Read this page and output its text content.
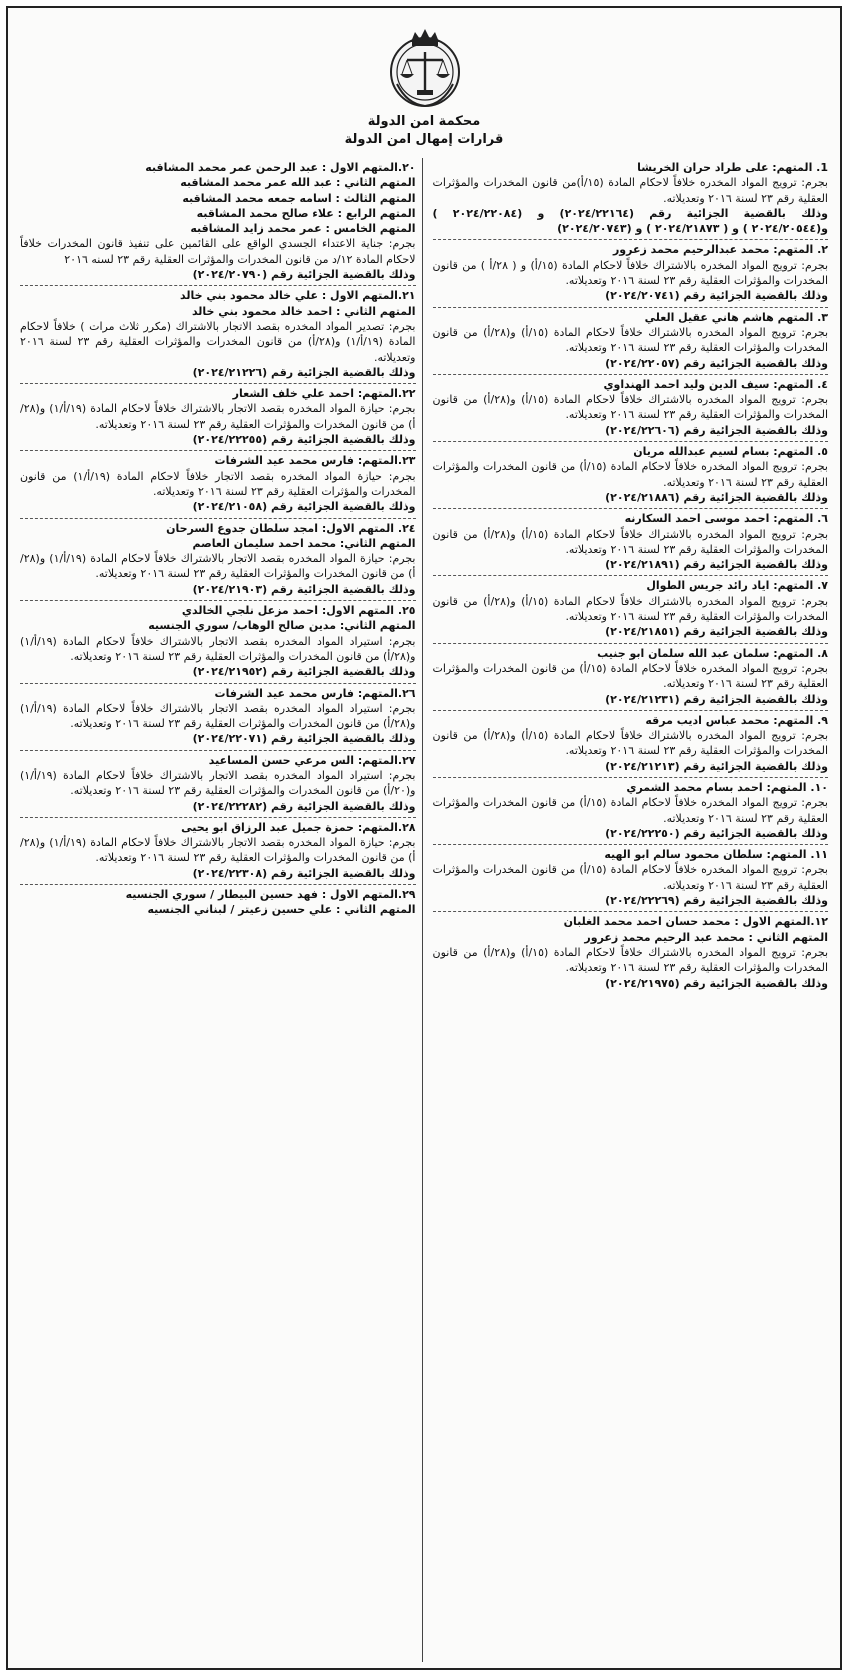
محكمة امن الدولة
قرارات إمهال امن الدولة

1. المتهم: على طراد حران الخريشا

بجرم: ترويج المواد المخدره خلافاً لاحكام المادة (١٥/أ)من قانون المخدرات والمؤثرات العقلية رقم ٢٣ لسنة ٢٠١٦ وتعديلاته.

وذلك بالقضية الجزائية رقم (٢٠٢٤/٢٢١٦٤) و (٢٠٢٤/٢٢٠٨٤ ) و(٢٠٢٤/٢٠٥٤٤ ) و ( ٢٠٢٤/٢١٨٧٣ ) و (٢٠٢٤/٢٠٧٤٣)

٢. المتهم: محمد عبدالرحيم محمد زعرور

بجرم: ترويج المواد المخدره بالاشتراك خلافاً لاحكام المادة (١٥/أ) و ( ٢٨/أ ) من قانون المخدرات والمؤثرات العقلية رقم ٢٣ لسنة ٢٠١٦ وتعديلاته.

وذلك بالقضية الجزائية رقم (٢٠٢٤/٢٠٧٤١)

٣. المتهم هاشم هاني عقيل العلي

بجرم: ترويج المواد المخدره بالاشتراك خلافاً لاحكام المادة (١٥/أ) و(٢٨/أ) من قانون المخدرات والمؤثرات العقلية رقم ٢٣ لسنة ٢٠١٦ وتعديلاته.

وذلك بالقضية الجزائية رقم (٢٠٢٤/٢٢٠٥٧)

٤. المتهم: سيف الدين وليد احمد الهنداوي

بجرم: ترويج المواد المخدره بالاشتراك خلافاً لاحكام المادة (١٥/أ) و(٢٨/أ) من قانون المخدرات والمؤثرات العقلية رقم ٢٣ لسنة ٢٠١٦ وتعديلاته.

وذلك بالقضية الجزائية رقم (٢٠٢٤/٢٢٦٠٦)

٥. المتهم: بسام لسيم عبدالله مريان

بجرم: ترويج المواد المخدره خلافاً لاحكام المادة (١٥/أ) من قانون المخدرات والمؤثرات العقلية رقم ٢٣ لسنة ٢٠١٦ وتعديلاته.

وذلك بالقضية الجزائية رقم (٢٠٢٤/٢١٨٨٦)

٦. المتهم: احمد موسى احمد السكارنه

بجرم: ترويج المواد المخدره بالاشتراك خلافاً لاحكام المادة (١٥/أ) و(٢٨/أ) من قانون المخدرات والمؤثرات العقلية رقم ٢٣ لسنة ٢٠١٦ وتعديلاته.

وذلك بالقضية الجزائية رقم (٢٠٢٤/٢١٨٩١)

٧. المتهم: اياد رائد جريس الطوال

بجرم: ترويج المواد المخدره بالاشتراك خلافاً لاحكام المادة (١٥/أ) و(٢٨/أ) من قانون المخدرات والمؤثرات العقلية رقم ٢٣ لسنة ٢٠١٦ وتعديلاته.

وذلك بالقضية الجزائية رقم (٢٠٢٤/٢١٨٥١)

٨. المتهم: سلمان عبد الله سلمان ابو جنيب

بجرم: ترويج المواد المخدره خلافاً لاحكام المادة (١٥/أ) من قانون المخدرات والمؤثرات العقلية رقم ٢٣ لسنة ٢٠١٦ وتعديلاته.

وذلك بالقضية الجزائية رقم (٢٠٢٤/٢١٢٣١)

٩. المتهم: محمد عباس اديب مرقه

بجرم: ترويج المواد المخدره بالاشتراك خلافاً لاحكام المادة (١٥/أ) و(٢٨/أ) من قانون المخدرات والمؤثرات العقلية رقم ٢٣ لسنة ٢٠١٦ وتعديلاته.

وذلك بالقضية الجزائية رقم (٢٠٢٤/٢١٢١٣)

١٠. المتهم: احمد بسام محمد الشمري

بجرم: ترويج المواد المخدره خلافاً لاحكام المادة (١٥/أ) من قانون المخدرات والمؤثرات العقلية رقم ٢٣ لسنة ٢٠١٦ وتعديلاته.

وذلك بالقضية الجزائية رقم (٢٠٢٤/٢٢٢٥٠)

١١. المتهم: سلطان محمود سالم ابو الهيه

بجرم: ترويج المواد المخدره خلافاً لاحكام المادة (١٥/أ) من قانون المخدرات والمؤثرات العقلية رقم ٢٣ لسنة ٢٠١٦ وتعديلاته.

وذلك بالقضية الجزائية رقم (٢٠٢٤/٢٢٢٦٩)

١٢.المتهم الاول : محمد حسان احمد محمد الغلبان

المتهم الثاني : محمد عبد الرحيم محمد زعرور

بجرم: ترويج المواد المخدره بالاشتراك خلافاً لاحكام المادة (١٥/أ) و(٢٨/أ) من قانون المخدرات والمؤثرات العقلية رقم ٢٣ لسنة ٢٠١٦ وتعديلاته.

وذلك بالقضية الجزائية رقم (٢٠٢٤/٢١٩٧٥)

٢٠.المتهم الاول : عبد الرحمن عمر محمد المشاقبه

المتهم الثاني : عبد الله عمر محمد المشاقبه

المتهم الثالث : اسامه جمعه محمد المشاقبه

المتهم الرابع : علاء صالح محمد المشاقبه

المتهم الخامس : عمر محمد زايد المشاقبه

بجرم: جناية الاعتداء الجسدي الواقع على القائمين على تنفيذ قانون المخدرات خلافاً لاحكام المادة ١٢/د من قانون المخدرات والمؤثرات العقلية رقم ٢٣ لسنه ٢٠١٦

وذلك بالقضية الجزائية رقم (٢٠٢٤/٢٠٧٩٠)

٢١.المتهم الاول : علي خالد محمود بني خالد

المتهم الثاني : احمد خالد محمود بني خالد

بجرم: تصدير المواد المخدره بقصد الاتجار بالاشتراك (مكرر ثلاث مرات ) خلافاً لاحكام المادة (١٩/أ/١) و(٢٨/أ) من قانون المخدرات والمؤثرات العقلية رقم ٢٣ لسنة ٢٠١٦ وتعديلاته.

وذلك بالقضية الجزائية رقم (٢٠٢٤/٢١٢٢٦)

٢٢.المتهم: احمد علي خلف الشعار

بجرم: حيازة المواد المخدره بقصد الاتجار بالاشتراك خلافاً لاحكام المادة (١٩/أ/١) و(٢٨/أ) من قانون المخدرات والمؤثرات العقلية رقم ٢٣ لسنة ٢٠١٦ وتعديلاته.

وذلك بالقضية الجزائية رقم (٢٠٢٤/٢٢٢٥٥)

٢٣.المتهم: فارس محمد عيد الشرفات

بجرم: حيازة المواد المخدره بقصد الاتجار خلافاً لاحكام المادة (١٩/أ/١) من قانون المخدرات والمؤثرات العقلية رقم ٢٣ لسنة ٢٠١٦ وتعديلاته.

وذلك بالقضية الجزائية رقم (٢٠٢٤/٢١٠٥٨)

٢٤. المتهم الاول: امجد سلطان جدوع السرحان

المتهم الثاني: محمد احمد سليمان العاصم

بجرم: حيازة المواد المخدره بقصد الاتجار بالاشتراك خلافاً لاحكام المادة (١٩/أ/١) و(٢٨/أ) من قانون المخدرات والمؤثرات العقلية رقم ٢٣ لسنة ٢٠١٦ وتعديلاته.

وذلك بالقضية الجزائية رقم (٢٠٢٤/٢١٩٠٣)

٢٥. المتهم الاول: احمد مزعل نلجي الخالدي

المتهم الثاني: مدين صالح الوهاب/ سوري الجنسيه

بجرم: استيراد المواد المخدره بقصد الاتجار بالاشتراك خلافاً لاحكام المادة (١٩/أ/١) و(٢٨/أ) من قانون المخدرات والمؤثرات العقلية رقم ٢٣ لسنة ٢٠١٦ وتعديلاته.

وذلك بالقضية الجزائية رقم (٢٠٢٤/٢١٩٥٢)

٢٦.المتهم: فارس محمد عيد الشرفات

بجرم: استيراد المواد المخدره بقصد الاتجار بالاشتراك خلافاً لاحكام المادة (١٩/أ/١) و(٢٨/أ) من قانون المخدرات والمؤثرات العقلية رقم ٢٣ لسنة ٢٠١٦ وتعديلاته.

وذلك بالقضية الجزائية رقم (٢٠٢٤/٢٢٠٧١)

٢٧.المتهم: الس مرعي حسن المساعيد

بجرم: استيراد المواد المخدره بقصد الاتجار بالاشتراك خلافاً لاحكام المادة (١٩/أ/١) و(٢٠/أ) من قانون المخدرات والمؤثرات العقلية رقم ٢٣ لسنة ٢٠١٦ وتعديلاته.

وذلك بالقضية الجزائية رقم (٢٠٢٤/٢٢٢٨٢)

٢٨.المتهم: حمزة جميل عبد الرزاق ابو يحيى

بجرم: حيازة المواد المخدره بقصد الاتجار بالاشتراك خلافاً لاحكام المادة (١٩/أ/١) و(٢٨/أ) من قانون المخدرات والمؤثرات العقلية رقم ٢٣ لسنة ٢٠١٦ وتعديلاته.

وذلك بالقضية الجزائية رقم (٢٠٢٤/٢٢٣٠٨)

٢٩.المتهم الاول : فهد حسين البيطار / سوري الجنسيه

المتهم الثاني : علي حسين زعيتر / لبناني الجنسيه
